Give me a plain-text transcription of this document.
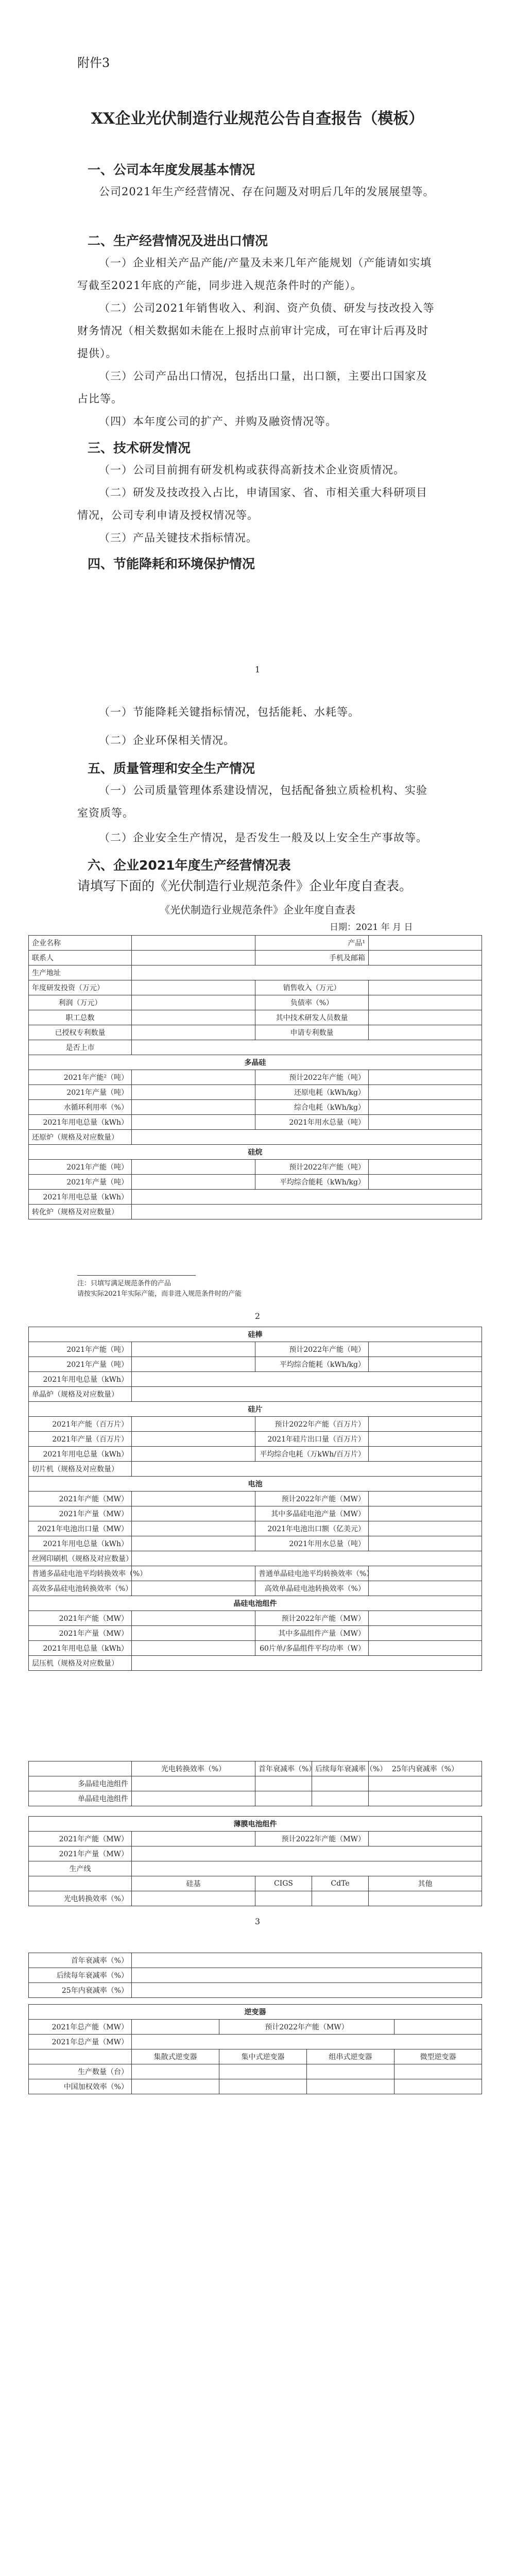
附件3
XX企业光伏制造行业规范公告自查报告（模板）
一、公司本年度发展基本情况
公司2021年生产经营情况、存在问题及对明后几年的发展展望等。
二、生产经营情况及进出口情况
（一）企业相关产品产能/产量及未来几年产能规划（产能请如实填写截至2021年底的产能，同步进入规范条件时的产能）。
（二）公司2021年销售收入、利润、资产负债、研发与技改投入等财务情况（相关数据如未能在上报时点前审计完成，可在审计后再及时提供）。
（三）公司产品出口情况，包括出口量，出口额，主要出口国家及占比等。
（四）本年度公司的扩产、并购及融资情况等。
三、技术研发情况
（一）公司目前拥有研发机构或获得高新技术企业资质情况。
（二）研发及技改投入占比，申请国家、省、市相关重大科研项目情况，公司专利申请及授权情况等。
（三）产品关键技术指标情况。
四、节能降耗和环境保护情况
1
（一）节能降耗关键指标情况，包括能耗、水耗等。
（二）企业环保相关情况。
五、质量管理和安全生产情况
（一）公司质量管理体系建设情况，包括配备独立质检机构、实验室资质等。
（二）企业安全生产情况，是否发生一般及以上安全生产事故等。
六、企业2021年度生产经营情况表
请填写下面的《光伏制造行业规范条件》企业年度自查表。
《光伏制造行业规范条件》企业年度自查表
日期：2021 年 月 日
企业名称		产品¹	
联系人		手机及邮箱	
生产地址			
年度研发投资（万元）		销售收入（万元）	
利润（万元）		负债率（%）	
职工总数		其中技术研发人员数量	
已授权专利数量		申请专利数量	
是否上市			
多晶硅			
2021年产能²（吨）		预计2022年产能（吨）	
2021年产量（吨）		还原电耗（kWh/kg）	
水循环利用率（%）		综合电耗（kWh/kg）	
2021年用电总量（kWh）		2021年用水总量（吨）	
还原炉（规格及对应数量）			
硅烷			
2021年产能（吨）		预计2022年产能（吨）	
2021年产量（吨）		平均综合能耗（kWh/kg）	
2021年用电总量（kWh）			
转化炉（规格及对应数量）			
注：只填写满足规范条件的产品
请按实际2021年实际产能，而非进入规范条件时的产能
2
硅棒			
2021年产能（吨）		预计2022年产能（吨）	
2021年产量（吨）		平均综合能耗（kWh/kg）	
2021年用电总量（kWh）			
单晶炉（规格及对应数量）			
硅片			
2021年产能（百万片）		预计2022年产能（百万片）	
2021年产量（百万片）		2021年硅片出口量（百万片）	
2021年用电总量（kWh）		平均综合电耗（万kWh/百万片）	
切片机（规格及对应数量）			
电池			
2021年产能（MW）		预计2022年产能（MW）	
2021年产量（MW）		其中多晶硅电池产量（MW）	
2021年电池出口量（MW）		2021年电池出口额（亿美元）	
2021年用电总量（kWh）		2021年用水总量（吨）	
丝网印刷机（规格及对应数量）			
普通多晶硅电池平均转换效率（%）		普通单晶硅电池平均转换效率（%）	
高效多晶硅电池转换效率（%）		高效单晶硅电池转换效率（%）	
晶硅电池组件			
2021年产能（MW）		预计2022年产能（MW）	
2021年产量（MW）		其中多晶组件产量（MW）	
2021年用电总量（kWh）		60片单/多晶组件平均功率（W）	
层压机（规格及对应数量）			
	光电转换效率（%）	首年衰减率（%）	后续每年衰减率（%）	25年内衰减率（%）
多晶硅电池组件				
单晶硅电池组件				
薄膜电池组件				
2021年产能（MW）		预计2022年产能（MW）		
2021年产量（MW）				
生产线				
	硅基	CIGS	CdTe	其他
光电转换效率（%）				
3
首年衰减率（%）	
后续每年衰减率（%）	
25年内衰减率（%）	
逆变器				
2021年总产能（MW）		预计2022年产能（MW）		
2021年总产量（MW）				
	集散式逆变器	集中式逆变器	组串式逆变器	微型逆变器
生产数量（台）				
中国加权效率（%）				
